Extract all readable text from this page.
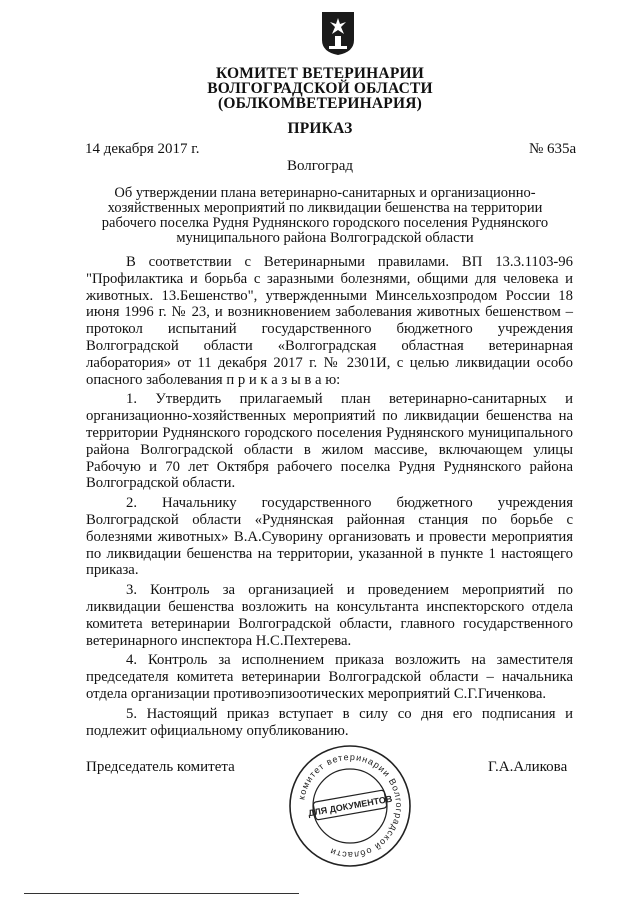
КОМИТЕТ ВЕТЕРИНАРИИ
ВОЛГОГРАДСКОЙ ОБЛАСТИ
(ОБЛКОМВЕТЕРИНАРИЯ)
ПРИКАЗ
14 декабря 2017 г.	№ 635а
Волгоград
Об утверждении плана ветеринарно-санитарных и организационно-хозяйственных мероприятий по ликвидации бешенства на территории рабочего поселка Рудня Руднянского городского поселения Руднянского муниципального района Волгоградской области

В соответствии с Ветеринарными правилами. ВП 13.3.1103-96 "Профилактика и борьба с заразными болезнями, общими для человека и животных. 13.Бешенство", утвержденными Минсельхозпродом России 18 июня 1996 г. № 23, и возникновением заболевания животных бешенством – протокол испытаний государственного бюджетного учреждения Волгоградской области «Волгоградская областная ветеринарная лаборатория» от 11 декабря 2017 г. № 2301И, с целью ликвидации особо опасного заболевания п р и к а з ы в а ю:

1. Утвердить прилагаемый план ветеринарно-санитарных и организационно-хозяйственных мероприятий по ликвидации бешенства на территории Руднянского городского поселения Руднянского муниципального района Волгоградской области в жилом массиве, включающем улицы Рабочую и 70 лет Октября рабочего поселка Рудня Руднянского района Волгоградской области.

2. Начальнику государственного бюджетного учреждения Волгоградской области «Руднянская районная станция по борьбе с болезнями животных» В.А.Суворину организовать и провести мероприятия по ликвидации бешенства на территории, указанной в пункте 1 настоящего приказа.

3. Контроль за организацией и проведением мероприятий по ликвидации бешенства возложить на консультанта инспекторского отдела комитета ветеринарии Волгоградской области, главного государственного ветеринарного инспектора Н.С.Пехтерева.

4. Контроль за исполнением приказа возложить на заместителя председателя комитета ветеринарии Волгоградской области – начальника отдела организации противоэпизоотических мероприятий С.Г.Гиченкова.

5. Настоящий приказ вступает в силу со дня его подписания и подлежит официальному опубликованию.

Председатель комитета	Г.А.Аликова
комитет ветеринарии Волгоградской области
ДЛЯ ДОКУМЕНТОВ
